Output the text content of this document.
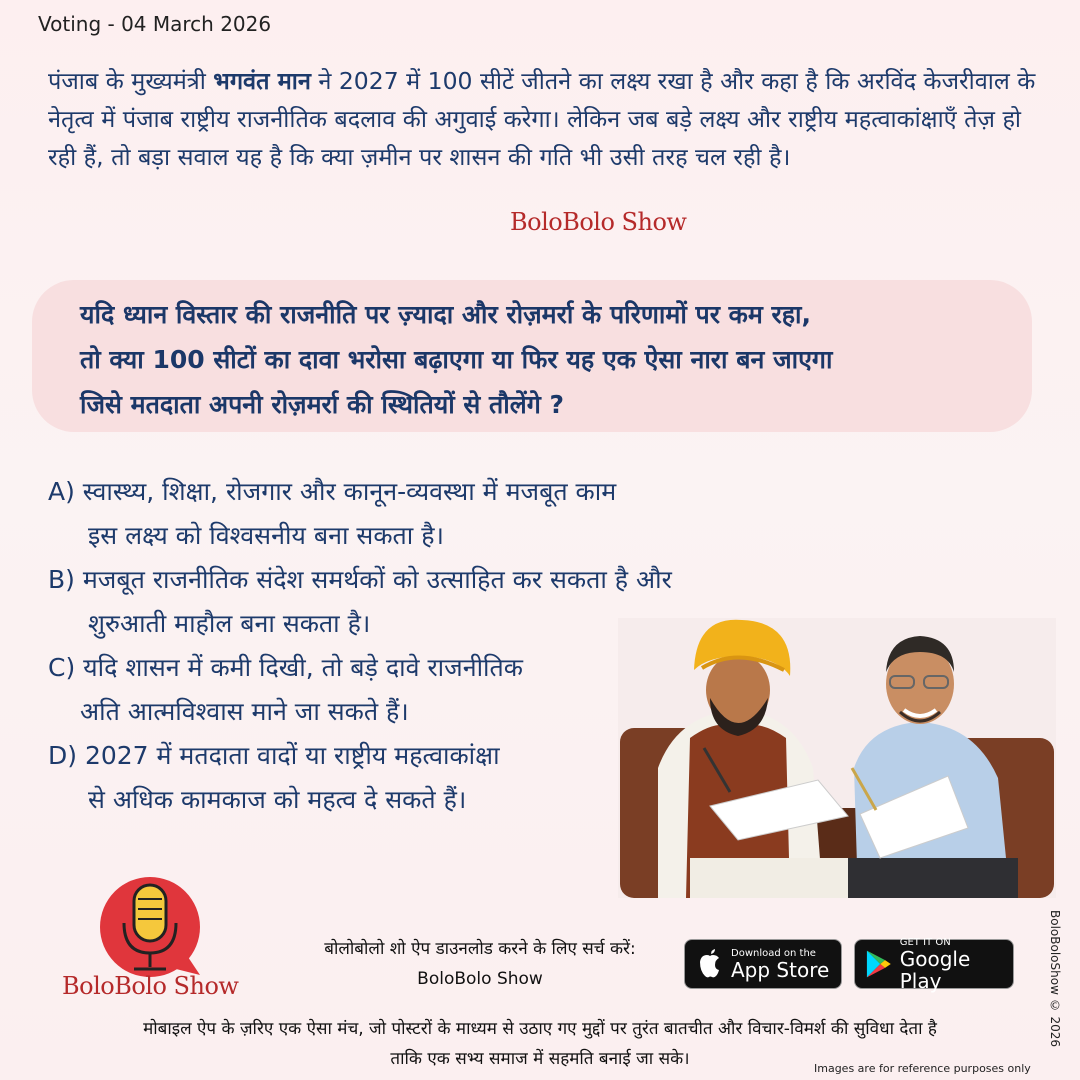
Voting - 04 March 2026
पंजाब के मुख्यमंत्री भगवंत मान ने 2027 में 100 सीटें जीतने का लक्ष्य रखा है और कहा है कि अरविंद केजरीवाल के नेतृत्व में पंजाब राष्ट्रीय राजनीतिक बदलाव की अगुवाई करेगा। लेकिन जब बड़े लक्ष्य और राष्ट्रीय महत्वाकांक्षाएँ तेज़ हो रही हैं, तो बड़ा सवाल यह है कि क्या ज़मीन पर शासन की गति भी उसी तरह चल रही है।
BoloBolo Show
यदि ध्यान विस्तार की राजनीति पर ज़्यादा और रोज़मर्रा के परिणामों पर कम रहा,
तो क्या 100 सीटों का दावा भरोसा बढ़ाएगा या फिर यह एक ऐसा नारा बन जाएगा
जिसे मतदाता अपनी रोज़मर्रा की स्थितियों से तौलेंगे ?
A) स्वास्थ्य, शिक्षा, रोजगार और कानून-व्यवस्था में मजबूत काम
इस लक्ष्य को विश्वसनीय बना सकता है।
B) मजबूत राजनीतिक संदेश समर्थकों को उत्साहित कर सकता है और
शुरुआती माहौल बना सकता है।
C) यदि शासन में कमी दिखी, तो बड़े दावे राजनीतिक
अति आत्मविश्वास माने जा सकते हैं।
D) 2027 में मतदाता वादों या राष्ट्रीय महत्वाकांक्षा
से अधिक कामकाज को महत्व दे सकते हैं।
BoloBolo Show
बोलोबोलो शो ऐप डाउनलोड करने के लिए सर्च करें:
BoloBolo Show
Download on the
App Store
GET IT ON
Google Play
मोबाइल ऐप के ज़रिए एक ऐसा मंच, जो पोस्टरों के माध्यम से उठाए गए मुद्दों पर तुरंत बातचीत और विचार-विमर्श की सुविधा देता है
ताकि एक सभ्य समाज में सहमति बनाई जा सके।	Images are for reference purposes only
BoloBoloShow © 2026
